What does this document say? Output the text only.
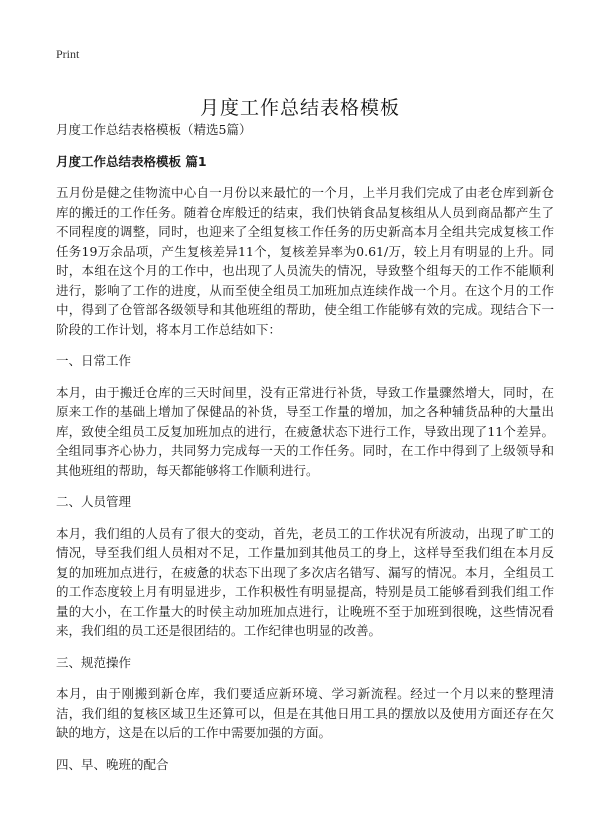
Print
月度工作总结表格模板

月度工作总结表格模板（精选5篇）

月度工作总结表格模板 篇1

五月份是健之佳物流中心自一月份以来最忙的一个月，上半月我们完成了由老仓库到新仓库的搬迁的工作任务。随着仓库般迁的结束，我们快销食品复核组从人员到商品都产生了不同程度的调整，同时，也迎来了全组复核工作任务的历史新高本月全组共完成复核工作任务19万余品项，产生复核差异11个，复核差异率为0.61/万，较上月有明显的上升。同时，本组在这个月的工作中，也出现了人员流失的情况，导致整个组每天的工作不能顺利进行，影响了工作的进度，从而至使全组员工加班加点连续作战一个月。在这个月的工作中，得到了仓管部各级领导和其他班组的帮助，使全组工作能够有效的完成。现结合下一阶段的工作计划，将本月工作总结如下：

一、日常工作

本月，由于搬迁仓库的三天时间里，没有正常进行补货，导致工作量骤然增大，同时，在原来工作的基础上增加了保健品的补货，导至工作量的增加，加之各种辅货品种的大量出库，致使全组员工反复加班加点的进行，在疲惫状态下进行工作，导致出现了11个差异。全组同事齐心协力，共同努力完成每一天的工作任务。同时，在工作中得到了上级领导和其他班组的帮助，每天都能够将工作顺利进行。

二、人员管理

本月，我们组的人员有了很大的变动，首先，老员工的工作状况有所波动，出现了旷工的情况，导至我们组人员相对不足，工作量加到其他员工的身上，这样导至我们组在本月反复的加班加点进行，在疲惫的状态下出现了多次店名错写、漏写的情况。本月，全组员工的工作态度较上月有明显进步，工作积极性有明显提高，特别是员工能够看到我们组工作量的大小，在工作量大的时侯主动加班加点进行，让晚班不至于加班到很晚，这些情况看来，我们组的员工还是很团结的。工作纪律也明显的改善。

三、规范操作

本月，由于刚搬到新仓库，我们要适应新环境、学习新流程。经过一个月以来的整理清洁，我们组的复核区域卫生还算可以，但是在其他日用工具的摆放以及使用方面还存在欠缺的地方，这是在以后的工作中需要加强的方面。

四、早、晚班的配合
